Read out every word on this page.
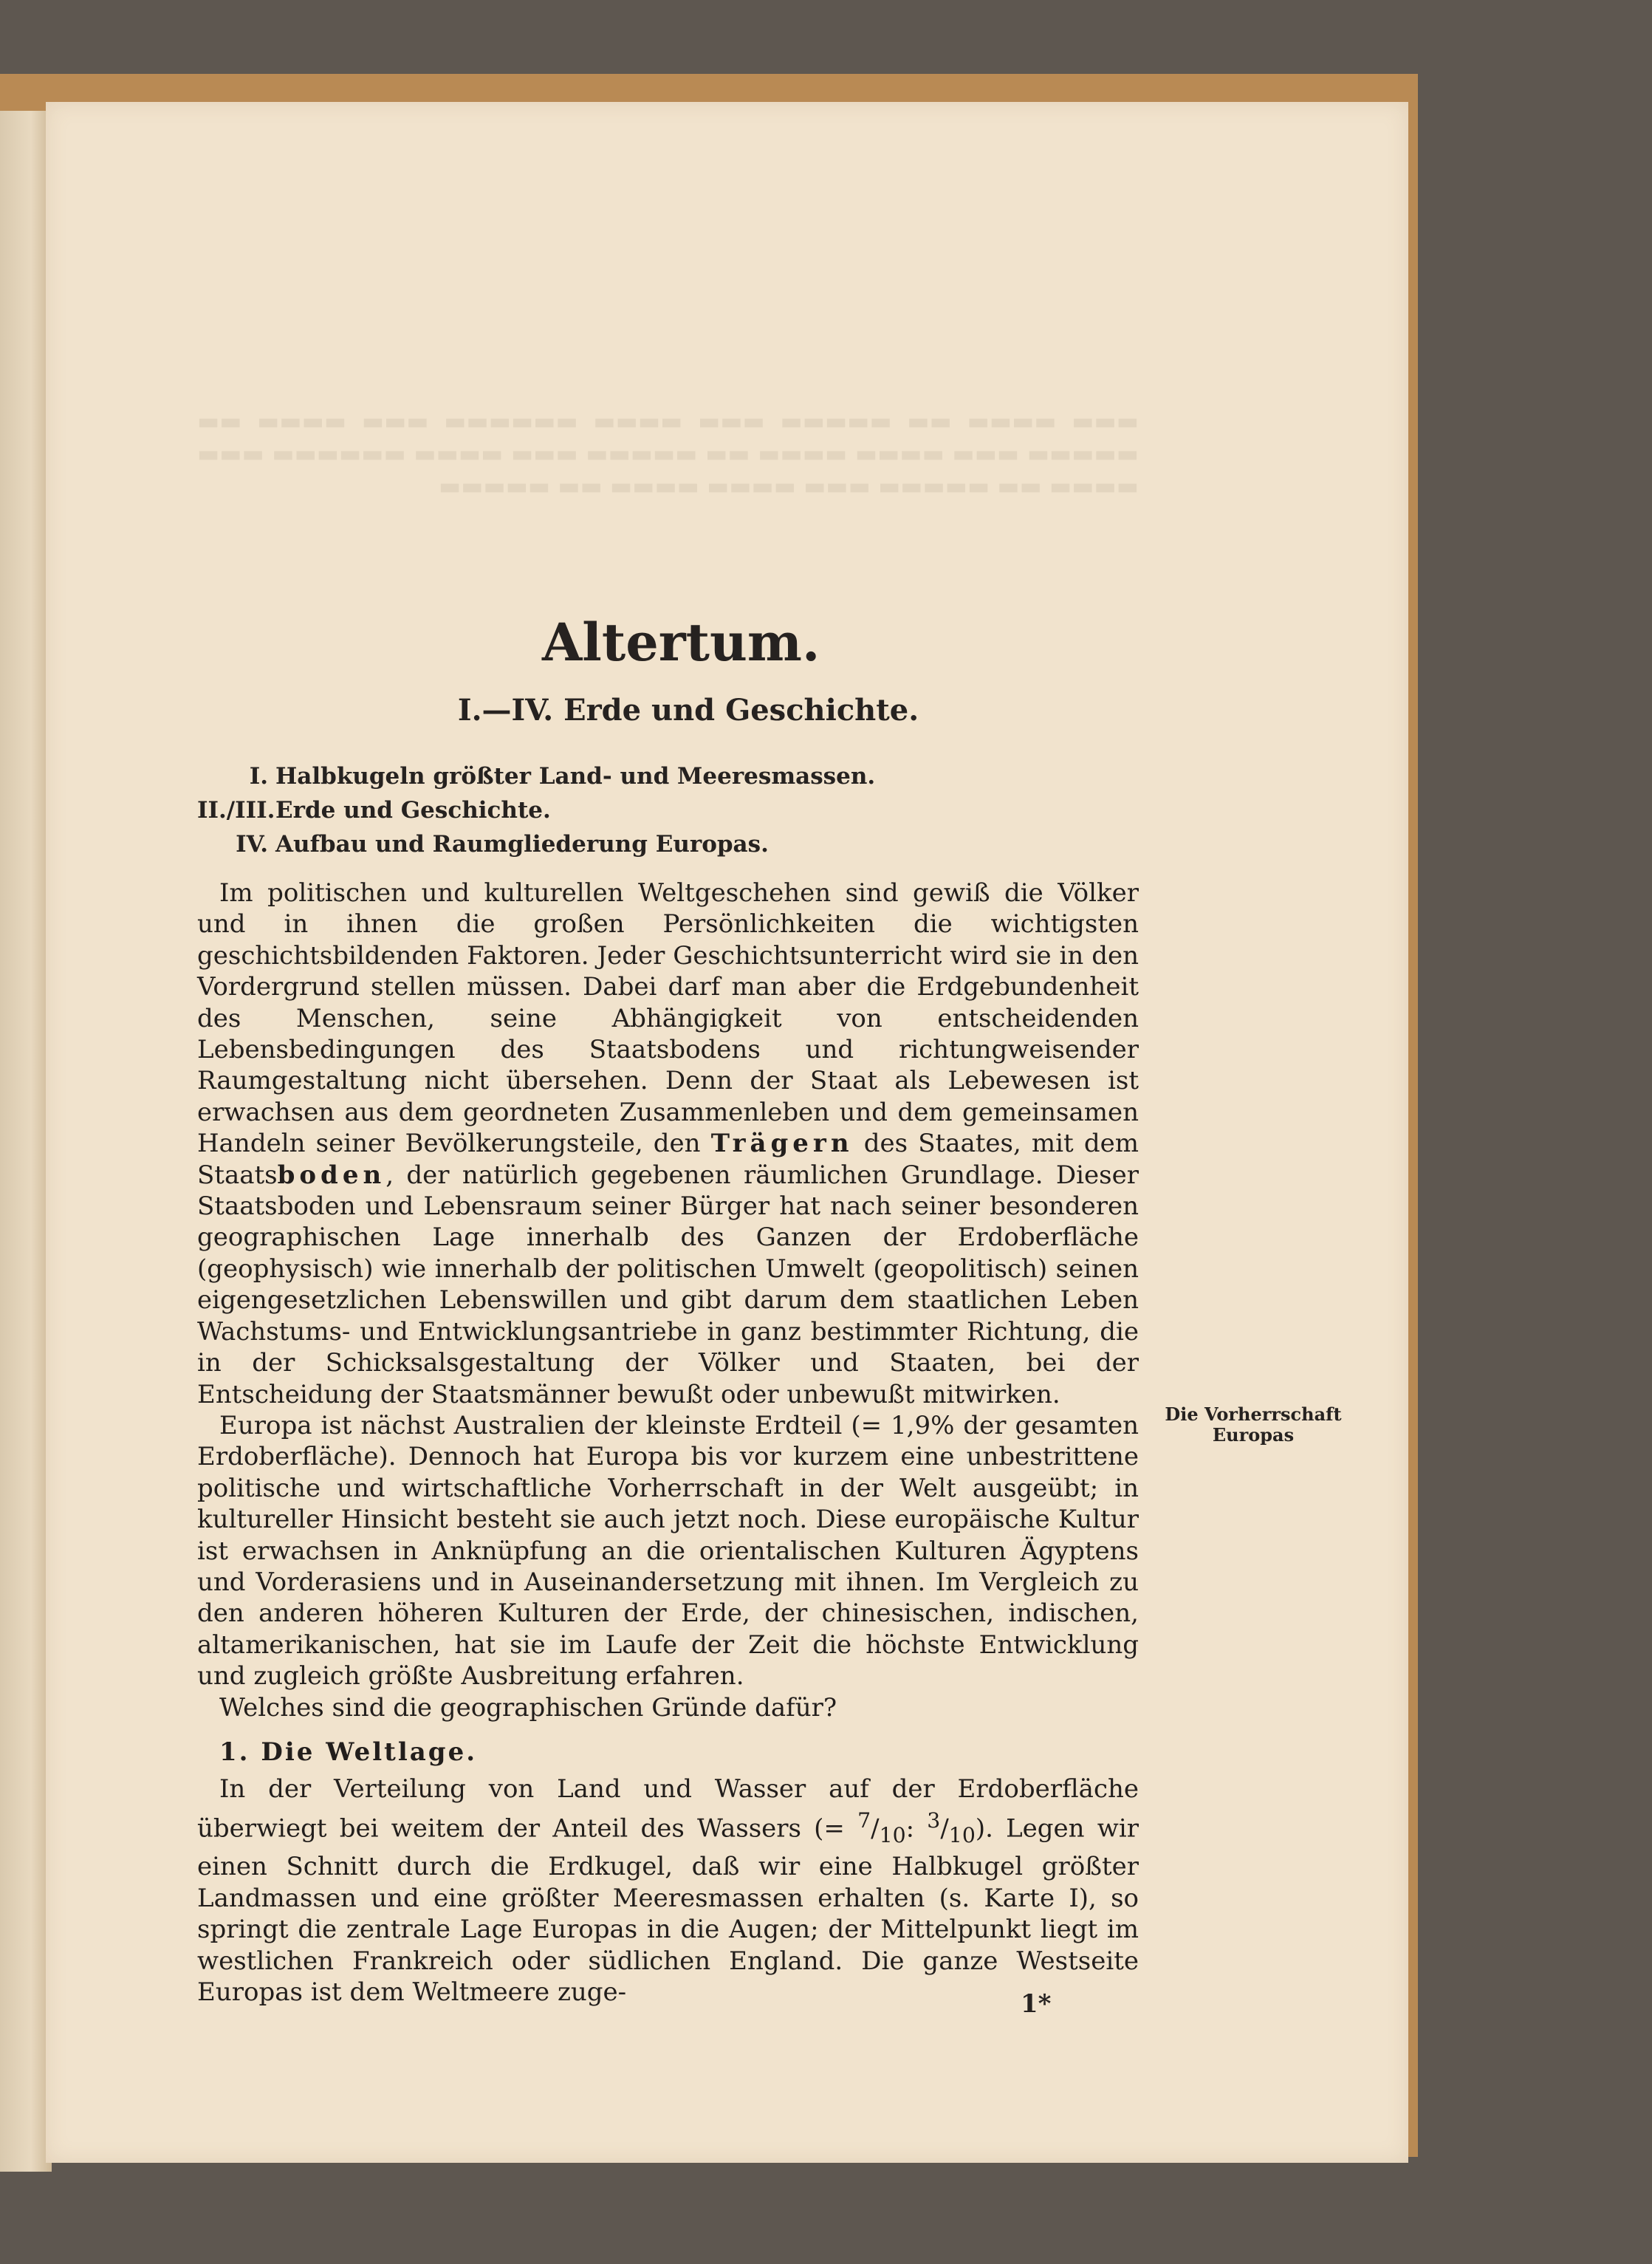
▬▬▬ ▬▬▬▬ ▬▬ ▬▬▬▬▬ ▬▬▬ ▬▬▬▬ ▬▬▬▬▬▬ ▬▬▬ ▬▬▬▬ ▬▬ ▬▬▬▬▬ ▬▬▬ ▬▬▬▬ ▬▬▬▬ ▬▬ ▬▬▬▬▬ ▬▬▬ ▬▬▬▬ ▬▬▬▬▬▬ ▬▬▬ ▬▬▬▬ ▬▬ ▬▬▬▬▬ ▬▬▬ ▬▬▬▬ ▬▬▬▬ ▬▬ ▬▬▬▬▬
Altertum.
I.—IV. Erde und Geschichte.
I. Halbkugeln größter Land- und Meeresmassen.
II./III.Erde und Geschichte.
IV. Aufbau und Raumgliederung Europas.

Im politischen und kulturellen Weltgeschehen sind gewiß die Völker und in ihnen die großen Persönlichkeiten die wichtigsten geschichtsbildenden Faktoren. Jeder Geschichtsunterricht wird sie in den Vordergrund stellen müssen. Dabei darf man aber die Erdgebundenheit des Menschen, seine Abhängigkeit von entscheidenden Lebensbedingungen des Staatsbodens und richtungweisender Raumgestaltung nicht übersehen. Denn der Staat als Lebewesen ist erwachsen aus dem geordneten Zusammenleben und dem gemeinsamen Handeln seiner Bevölkerungsteile, den Trägern des Staates, mit dem Staatsboden, der natürlich gegebenen räumlichen Grundlage. Dieser Staatsboden und Lebensraum seiner Bürger hat nach seiner besonderen geographischen Lage innerhalb des Ganzen der Erdoberfläche (geophysisch) wie innerhalb der politischen Umwelt (geopolitisch) seinen eigengesetzlichen Lebenswillen und gibt darum dem staatlichen Leben Wachstums- und Entwicklungsantriebe in ganz bestimmter Richtung, die in der Schicksalsgestaltung der Völker und Staaten, bei der Entscheidung der Staatsmänner bewußt oder unbewußt mitwirken.

Europa ist nächst Australien der kleinste Erdteil (= 1,9% der gesamten Erdoberfläche). Dennoch hat Europa bis vor kurzem eine unbestrittene politische und wirtschaftliche Vorherrschaft in der Welt ausgeübt; in kultureller Hinsicht besteht sie auch jetzt noch. Diese europäische Kultur ist erwachsen in Anknüpfung an die orientalischen Kulturen Ägyptens und Vorderasiens und in Auseinandersetzung mit ihnen. Im Vergleich zu den anderen höheren Kulturen der Erde, der chinesischen, indischen, altamerikanischen, hat sie im Laufe der Zeit die höchste Entwicklung und zugleich größte Ausbreitung erfahren.

Welches sind die geographischen Gründe dafür?

1. Die Weltlage.

In der Verteilung von Land und Wasser auf der Erdoberfläche überwiegt bei weitem der Anteil des Wassers (= $^7/_{10}$: $^3/_{10}$). Legen wir einen Schnitt durch die Erdkugel, daß wir eine Halbkugel größter Landmassen und eine größter Meeresmassen erhalten (s. Karte I), so springt die zentrale Lage Europas in die Augen; der Mittelpunkt liegt im westlichen Frankreich oder südlichen England. Die ganze Westseite Europas ist dem Weltmeere zuge-

Die Vorherrschaft
Europas
1*
